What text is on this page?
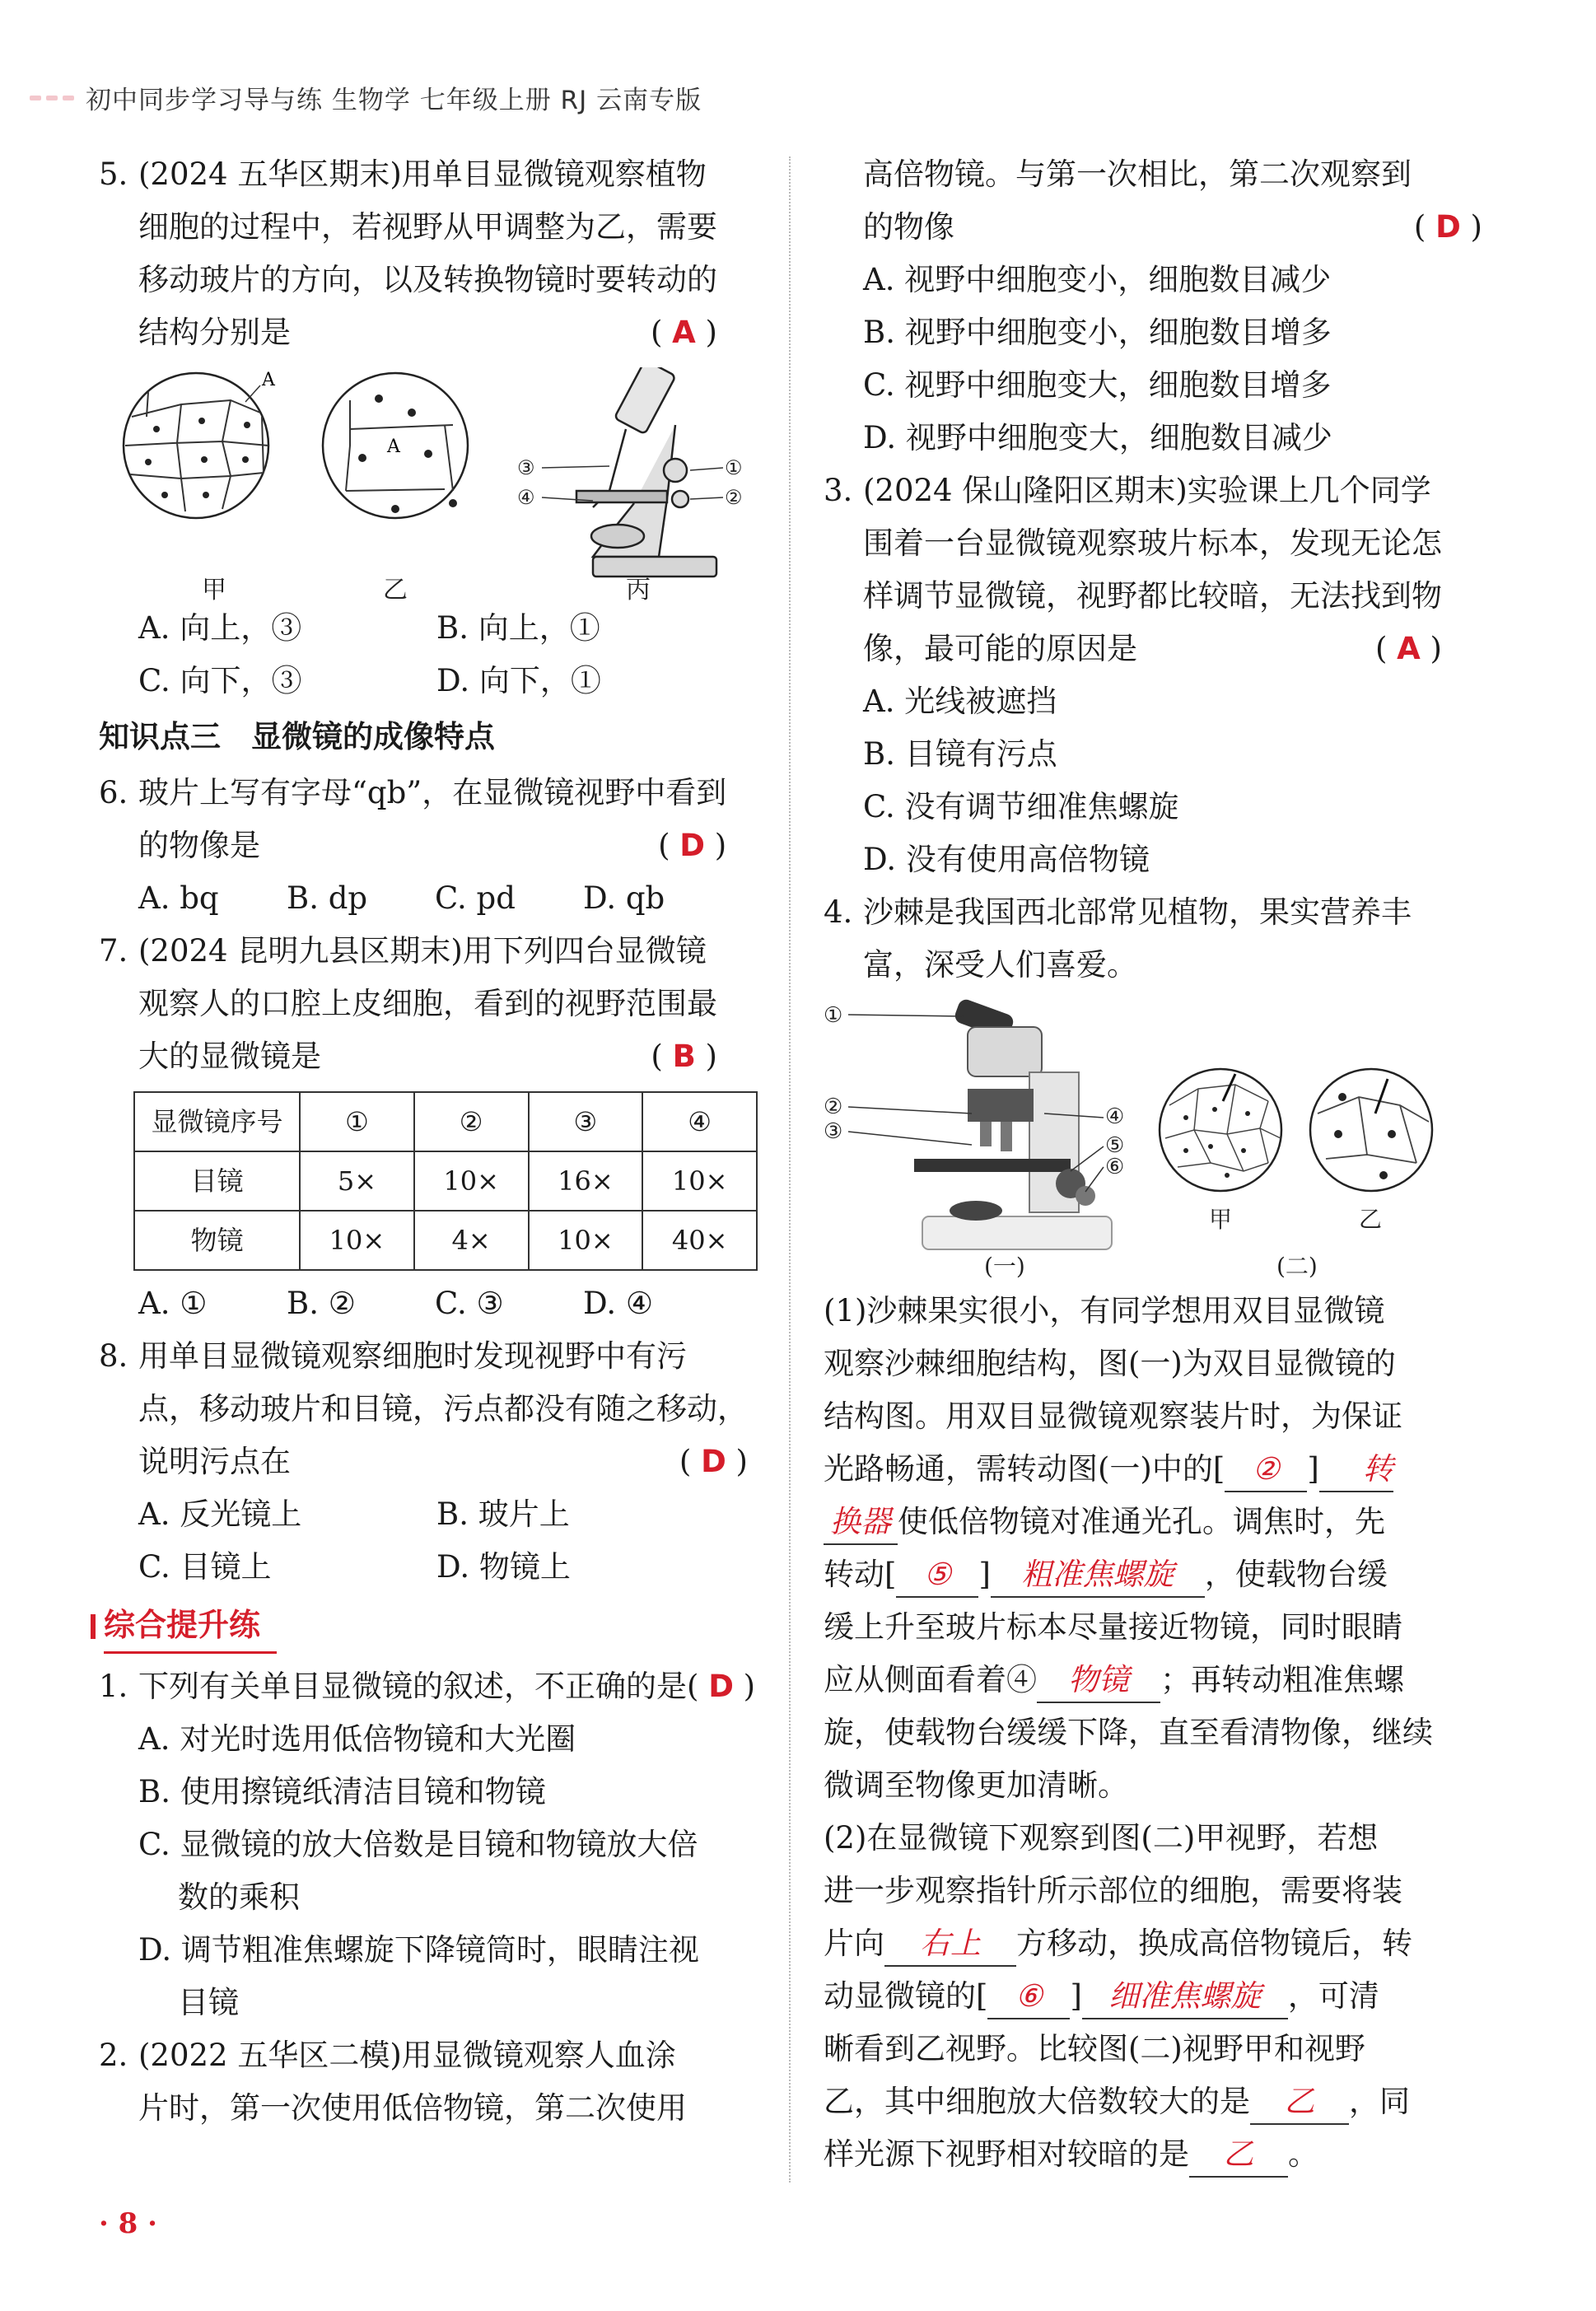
初中同步学习导与练 生物学 七年级上册 RJ 云南专版
5. (2024 五华区期末)用单目显微镜观察植物

细胞的过程中，若视野从甲调整为乙，需要

移动玻片的方向，以及转换物镜时要转动的

结构分别是	( A )

A
A
①
②
③
④
甲	乙	丙
A. 向上，③	B. 向上，①
C. 向下，③	D. 向下，①
知识点三　显微镜的成像特点
6. 玻片上写有字母“qb”，在显微镜视野中看到

的物像是	( D )

A. bq	B. dp	C. pd	D. qb
7. (2024 昆明九县区期末)用下列四台显微镜

观察人的口腔上皮细胞，看到的视野范围最

大的显微镜是	( B )

显微镜序号	①	②	③	④
目镜	5×	10×	16×	10×
物镜	10×	4×	10×	40×
A. ①	B. ②	C. ③	D. ④
8. 用单目显微镜观察细胞时发现视野中有污

点，移动玻片和目镜，污点都没有随之移动，

说明污点在	( D )

A. 反光镜上	B. 玻片上
C. 目镜上	D. 物镜上
综合提升练
1. 下列有关单目显微镜的叙述，不正确的是( D )

A. 对光时选用低倍物镜和大光圈

B. 使用擦镜纸清洁目镜和物镜

C. 显微镜的放大倍数是目镜和物镜放大倍

数的乘积

D. 调节粗准焦螺旋下降镜筒时，眼睛注视

目镜

2. (2022 五华区二模)用显微镜观察人血涂

片时，第一次使用低倍物镜，第二次使用

高倍物镜。与第一次相比，第二次观察到

的物像	( D )

A. 视野中细胞变小，细胞数目减少

B. 视野中细胞变小，细胞数目增多

C. 视野中细胞变大，细胞数目增多

D. 视野中细胞变大，细胞数目减少

3. (2024 保山隆阳区期末)实验课上几个同学

围着一台显微镜观察玻片标本，发现无论怎

样调节显微镜，视野都比较暗，无法找到物

像，最可能的原因是	( A )

A. 光线被遮挡

B. 目镜有污点

C. 没有调节细准焦螺旋

D. 没有使用高倍物镜

4. 沙棘是我国西北部常见植物，果实营养丰

富，深受人们喜爱。

①
②
③
④
⑤
⑥
甲	乙
(一)	(二)

(1)沙棘果实很小，有同学想用双目显微镜

观察沙棘细胞结构，图(一)为双目显微镜的

结构图。用双目显微镜观察装片时，为保证

光路畅通，需转动图(一)中的[ ② ] 转

换器 使低倍物镜对准通光孔。调焦时，先

转动[ ⑤ ] 粗准焦螺旋 ，使载物台缓

缓上升至玻片标本尽量接近物镜，同时眼睛

应从侧面看着④ 物镜 ；再转动粗准焦螺

旋，使载物台缓缓下降，直至看清物像，继续

微调至物像更加清晰。

(2)在显微镜下观察到图(二)甲视野，若想

进一步观察指针所示部位的细胞，需要将装

片向 右上 方移动，换成高倍物镜后，转

动显微镜的[ ⑥ ] 细准焦螺旋 ，可清

晰看到乙视野。比较图(二)视野甲和视野

乙，其中细胞放大倍数较大的是 乙 ，同

样光源下视野相对较暗的是 乙 。

· 8 ·
